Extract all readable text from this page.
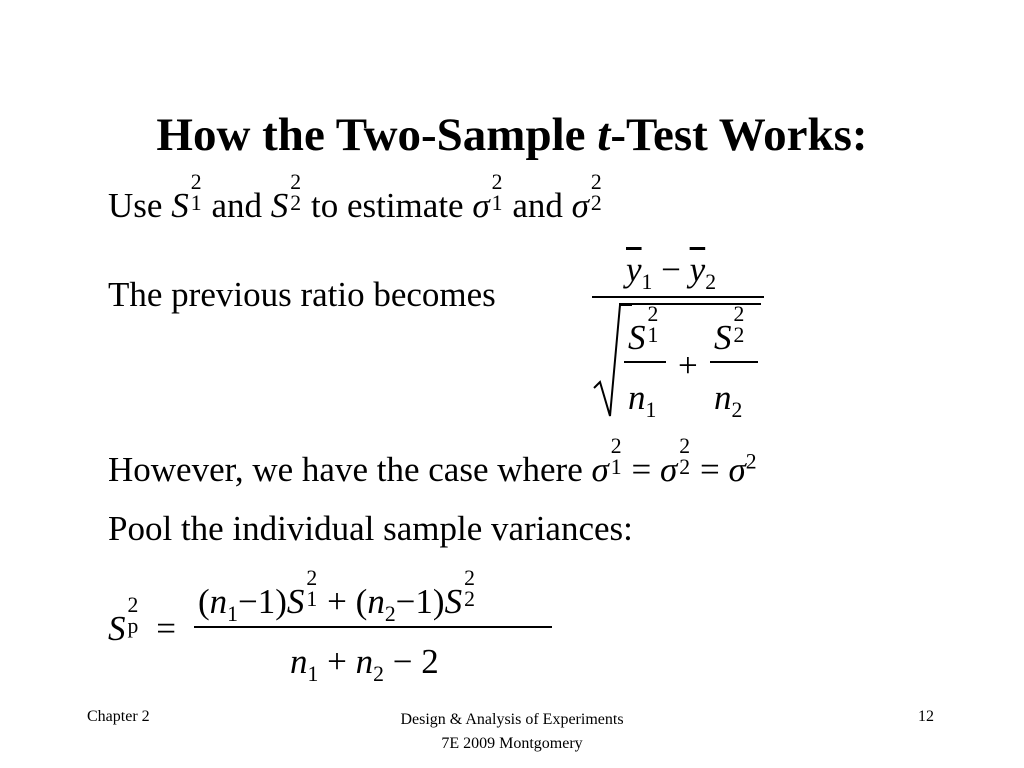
How the Two-Sample t-Test Works:
Use S
2
1 and S
2
2 to estimate σ
2
1 and σ
2
2
The previous ratio becomes
$\overline{y}_1 - \overline{y}_2$
S
2
1
$n_1$
+
S
2
2
$n_2$
However, we have the case where σ
2
1 = σ
2
$2 = \sigma^2$
Pool the individual sample variances:
S
2
p =
$(n_1-1)S$
2
$1 + (n_2-1)S$
2
2
$n_1 + n_2 - 2$
Chapter 2	Design & Analysis of Experiments
7E 2009 Montgomery
12
